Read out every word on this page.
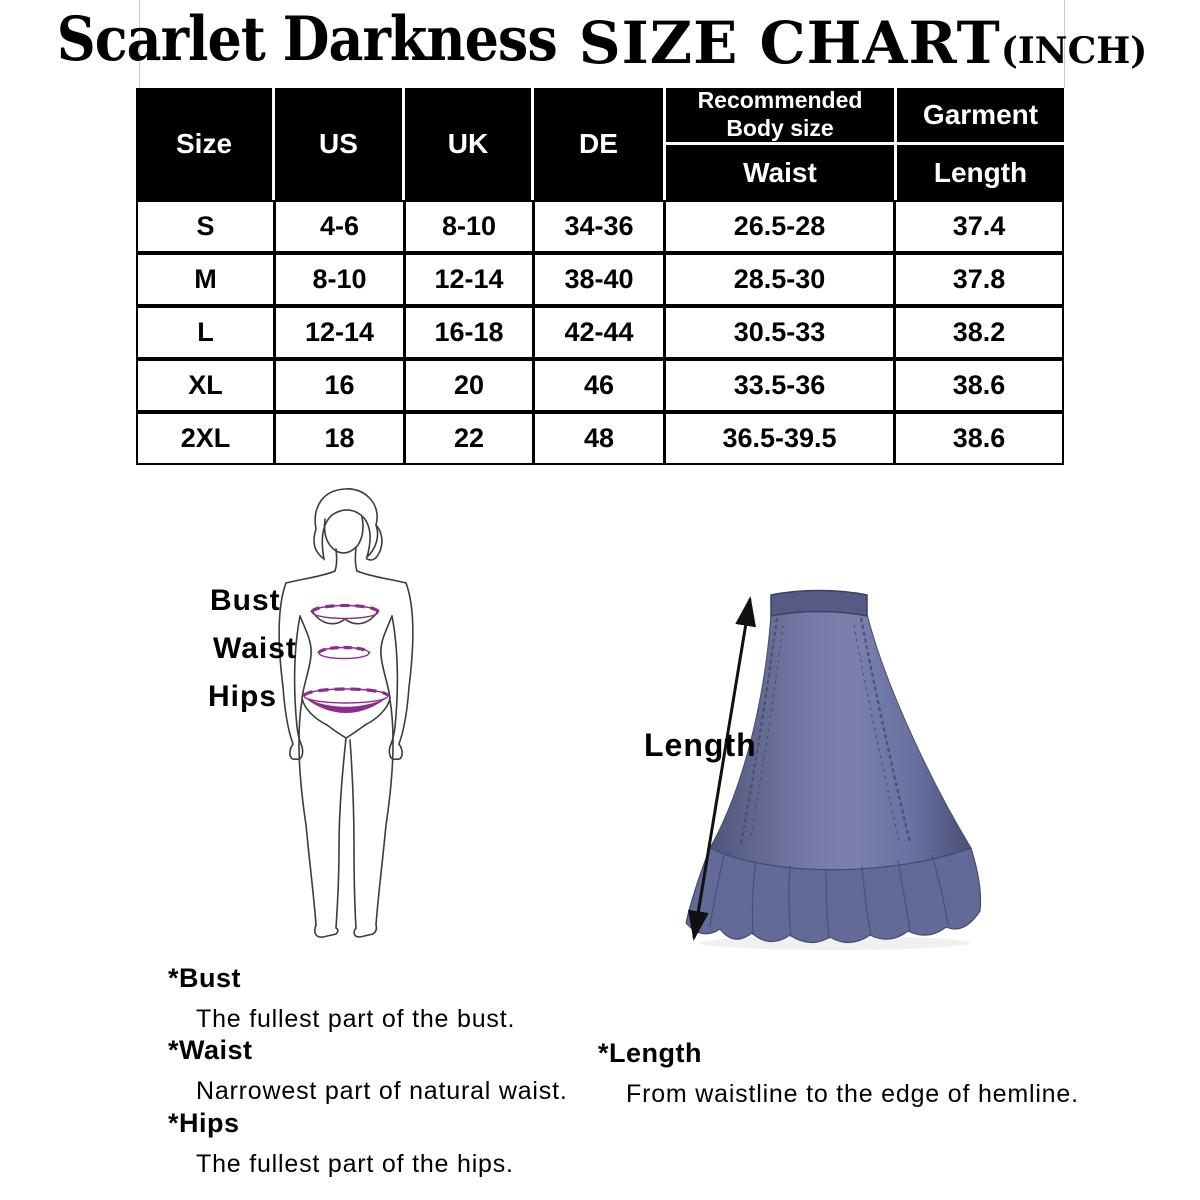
Scarlet Darkness SIZE CHART (INCH)
Size	US	UK	DE
Recommended Body size	Garment
Waist	Length
S	4-6	8-10	34-36	26.5-28	37.4
M	8-10	12-14	38-40	28.5-30	37.8
L	12-14	16-18	42-44	30.5-33	38.2
XL	16	20	46	33.5-36	38.6
2XL	18	22	48	36.5-39.5	38.6
Bust
Waist
Hips
Length
*Bust
The fullest part of the bust.
*Waist
Narrowest part of natural waist.
*Hips
The fullest part of the hips.
*Length
From waistline to the edge of hemline.
